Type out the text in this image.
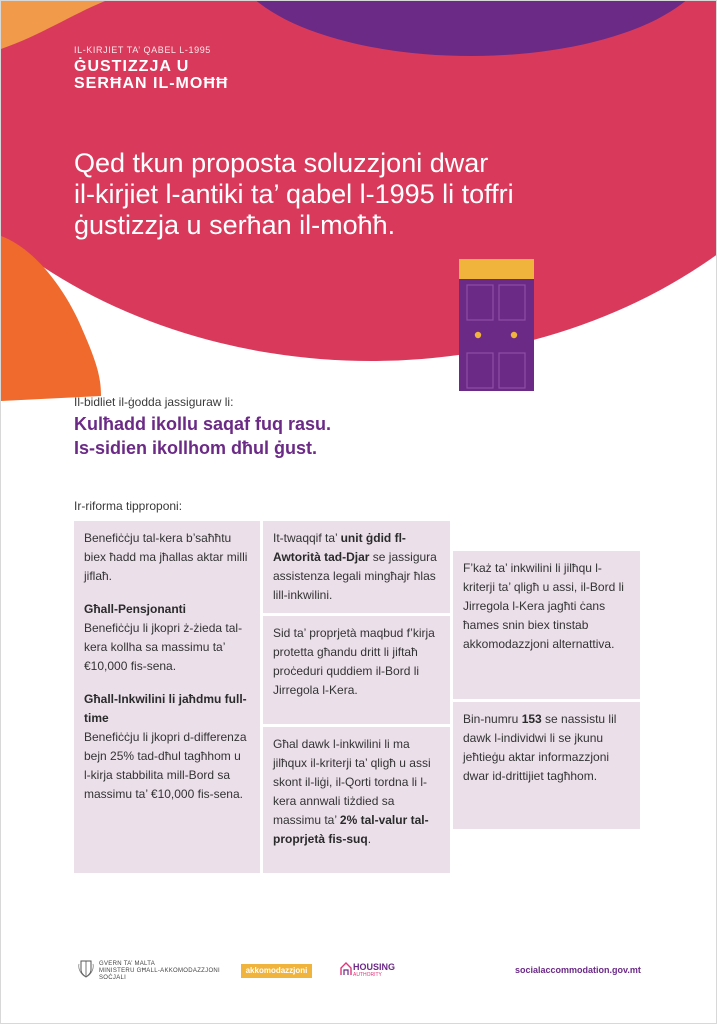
IL-KIRJIET TA’ QABEL L-1995
ĠUSTIZZJA U
SERĦAN IL-MOĦĦ
Qed tkun proposta soluzzjoni dwar
il-kirjiet l-antiki ta’ qabel l-1995 li toffri
ġustizzja u serħan il-moħħ.
Il-bidliet il-ġodda jassiguraw li:
Kulħadd ikollu saqaf fuq rasu.
Is-sidien ikollhom dħul ġust.
Ir-riforma tipproponi:

Benefiċċju tal-kera b’saħħtu biex ħadd ma jħallas aktar milli jiflaħ.

Għall-Pensjonanti
Benefiċċju li jkopri ż-żieda tal-kera kollha sa massimu ta’ €10,000 fis-sena.

Għall-Inkwilini li jaħdmu full-time
Benefiċċju li jkopri d-differenza bejn 25% tad-dħul tagħhom u l-kirja stabbilita mill-Bord sa massimu ta’ €10,000 fis-sena.

It-twaqqif ta’ unit ġdid fl-Awtorità tad-Djar se jassigura assistenza legali mingħajr ħlas lill-inkwilini.
Sid ta’ proprjetà maqbud f’kirja protetta għandu dritt li jiftaħ proċeduri quddiem il-Bord li Jirregola l-Kera.
Għal dawk l-inkwilini li ma jilħqux il-kriterji ta’ qligħ u assi skont il-liġi, il-Qorti tordna li l-kera annwali tiżdied sa massimu ta’ 2% tal-valur tal-proprjetà fis-suq.
F’każ ta’ inkwilini li jilħqu l-kriterji ta’ qligħ u assi, il-Bord li Jirregola l-Kera jagħti ċans ħames snin biex tinstab akkomodazzjoni alternattiva.
Bin-numru 153 se nassistu lil dawk l-individwi li se jkunu jeħtieġu aktar informazzjoni dwar id-drittijiet tagħhom.
GVERN TA’ MALTA
MINISTERU GĦALL-AKKOMODAZZJONI
SOĊJALI
akkomodazzjoni	HOUSING
AUTHORITY	socialaccommodation.gov.mt
